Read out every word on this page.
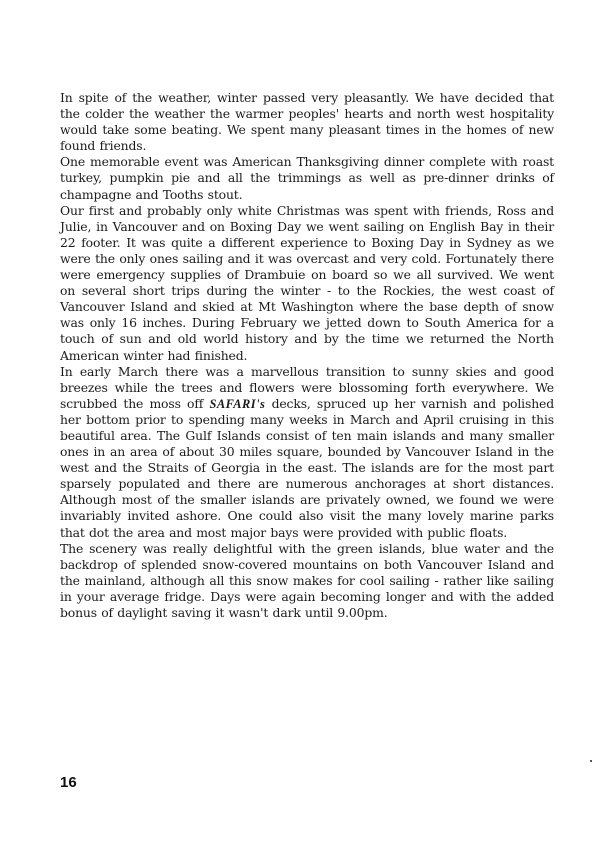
In spite of the weather, winter passed very pleasantly. We have decided that the colder the weather the warmer peoples' hearts and north west hospitality would take some beating. We spent many pleasant times in the homes of new found friends.

One memorable event was American Thanksgiving dinner complete with roast turkey, pumpkin pie and all the trimmings as well as pre-dinner drinks of champagne and Tooths stout.

Our first and probably only white Christmas was spent with friends, Ross and Julie, in Vancouver and on Boxing Day we went sailing on English Bay in their 22 footer. It was quite a different experience to Boxing Day in Sydney as we were the only ones sailing and it was overcast and very cold. Fortunately there were emergency supplies of Drambuie on board so we all survived. We went on several short trips during the winter - to the Rockies, the west coast of Vancouver Island and skied at Mt Washington where the base depth of snow was only 16 inches. During February we jetted down to South America for a touch of sun and old world history and by the time we returned the North American winter had finished.

In early March there was a marvellous transition to sunny skies and good breezes while the trees and flowers were blossoming forth everywhere. We scrubbed the moss off SAFARI's decks, spruced up her varnish and polished her bottom prior to spending many weeks in March and April cruising in this beautiful area. The Gulf Islands consist of ten main islands and many smaller ones in an area of about 30 miles square, bounded by Vancouver Island in the west and the Straits of Georgia in the east. The islands are for the most part sparsely populated and there are numerous anchorages at short distances. Although most of the smaller islands are privately owned, we found we were invariably invited ashore. One could also visit the many lovely marine parks that dot the area and most major bays were provided with public floats.

The scenery was really delightful with the green islands, blue water and the backdrop of splended snow-covered mountains on both Vancouver Island and the mainland, although all this snow makes for cool sailing - rather like sailing in your average fridge. Days were again becoming longer and with the added bonus of daylight saving it wasn't dark until 9.00pm.

16
